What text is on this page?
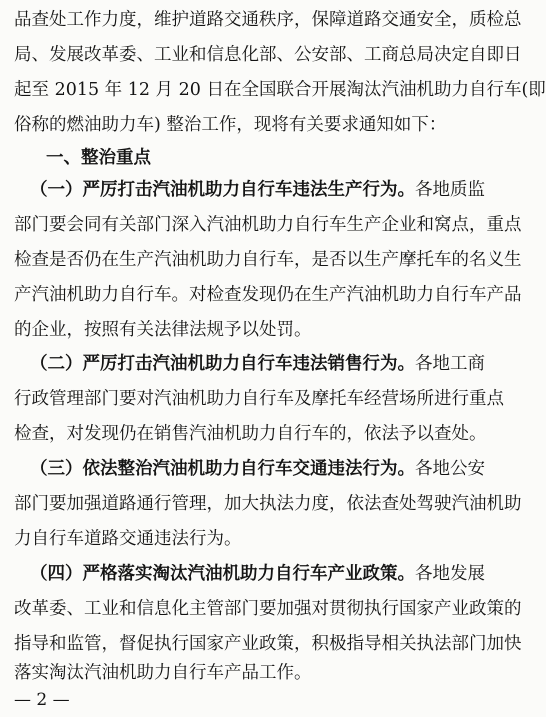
品查处工作力度，维护道路交通秩序，保障道路交通安全，质检总
局、发展改革委、工业和信息化部、公安部、工商总局决定自即日
起至 2015 年 12 月 20 日在全国联合开展淘汰汽油机助力自行车(即
俗称的燃油助力车) 整治工作，现将有关要求通知如下：
一、整治重点
（一）严厉打击汽油机助力自行车违法生产行为。各地质监
部门要会同有关部门深入汽油机助力自行车生产企业和窝点，重点
检查是否仍在生产汽油机助力自行车，是否以生产摩托车的名义生
产汽油机助力自行车。对检查发现仍在生产汽油机助力自行车产品
的企业，按照有关法律法规予以处罚。
（二）严厉打击汽油机助力自行车违法销售行为。各地工商
行政管理部门要对汽油机助力自行车及摩托车经营场所进行重点
检查，对发现仍在销售汽油机助力自行车的，依法予以查处。
（三）依法整治汽油机助力自行车交通违法行为。各地公安
部门要加强道路通行管理，加大执法力度，依法查处驾驶汽油机助
力自行车道路交通违法行为。
（四）严格落实淘汰汽油机助力自行车产业政策。各地发展
改革委、工业和信息化主管部门要加强对贯彻执行国家产业政策的
指导和监管，督促执行国家产业政策，积极指导相关执法部门加快
落实淘汰汽油机助力自行车产品工作。
— 2 —
